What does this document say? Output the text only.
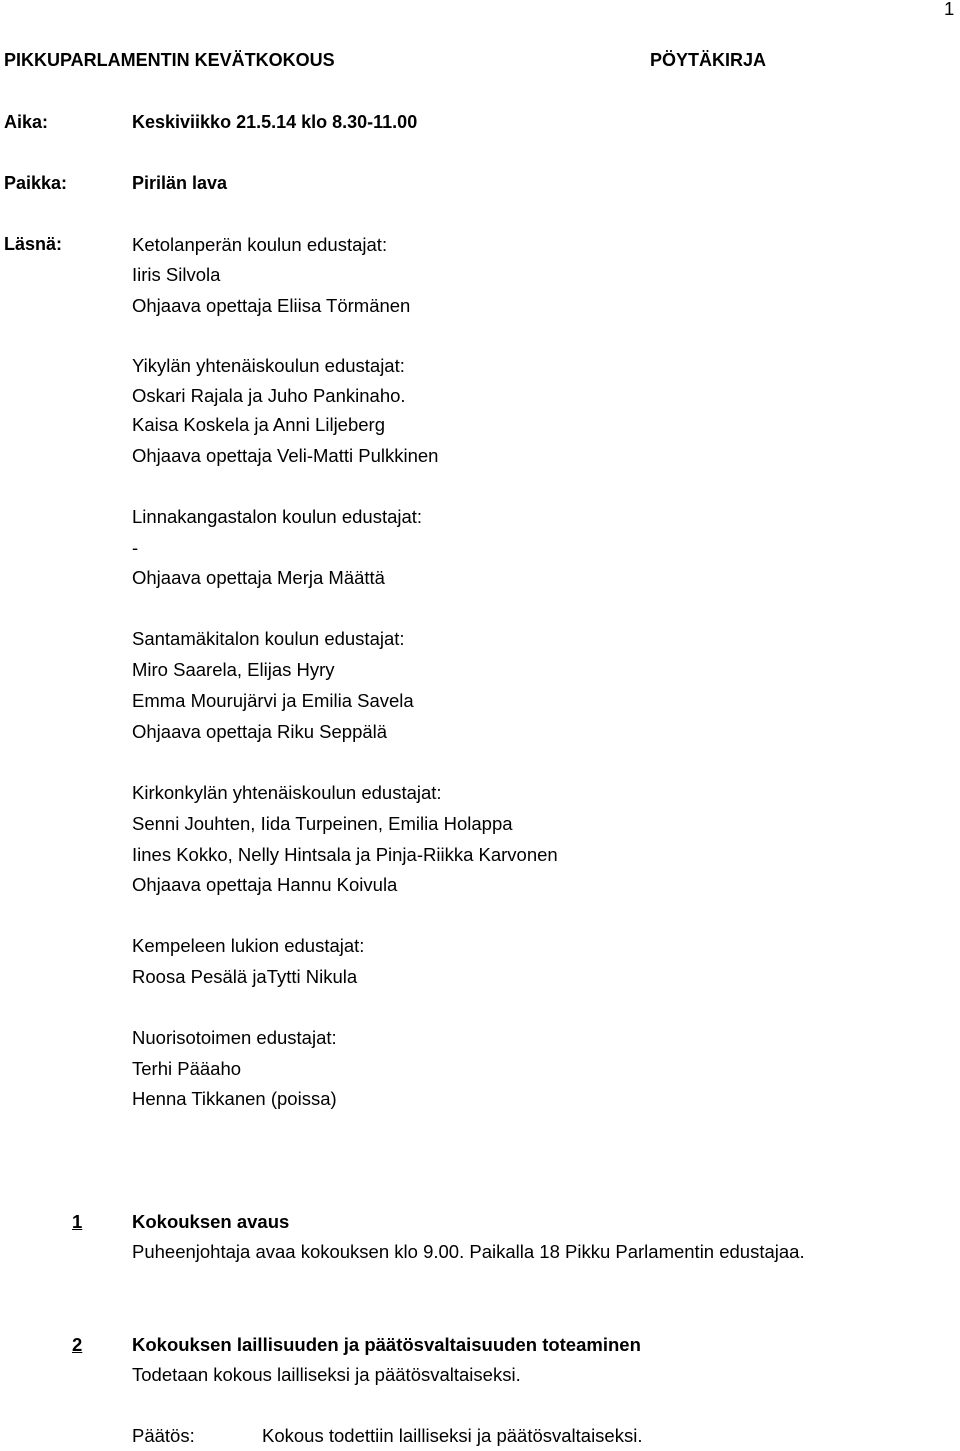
1
PIKKUPARLAMENTIN KEVÄTKOKOUS	PÖYTÄKIRJA
Aika:	Keskiviikko 21.5.14 klo 8.30-11.00
Paikka:	Pirilän lava
Läsnä:	Ketolanperän koulun edustajat:
Iiris Silvola
Ohjaava opettaja Eliisa Törmänen
Yikylän yhtenäiskoulun edustajat:
Oskari Rajala ja Juho Pankinaho.
Kaisa Koskela ja Anni Liljeberg
Ohjaava opettaja Veli-Matti Pulkkinen
Linnakangastalon koulun edustajat:
-
Ohjaava opettaja Merja Määttä
Santamäkitalon koulun edustajat:
Miro Saarela, Elijas Hyry
Emma Mourujärvi ja Emilia Savela
Ohjaava opettaja Riku Seppälä
Kirkonkylän yhtenäiskoulun edustajat:
Senni Jouhten, Iida Turpeinen, Emilia Holappa
Iines Kokko, Nelly Hintsala ja Pinja-Riikka Karvonen
Ohjaava opettaja Hannu Koivula
Kempeleen lukion edustajat:
Roosa Pesälä jaTytti Nikula
Nuorisotoimen edustajat:
Terhi Pääaho
Henna Tikkanen (poissa)
1	Kokouksen avaus
Puheenjohtaja avaa kokouksen klo 9.00. Paikalla 18 Pikku Parlamentin edustajaa.
2	Kokouksen laillisuuden ja päätösvaltaisuuden toteaminen
Todetaan kokous lailliseksi ja päätösvaltaiseksi.
Päätös:	Kokous todettiin lailliseksi ja päätösvaltaiseksi.
